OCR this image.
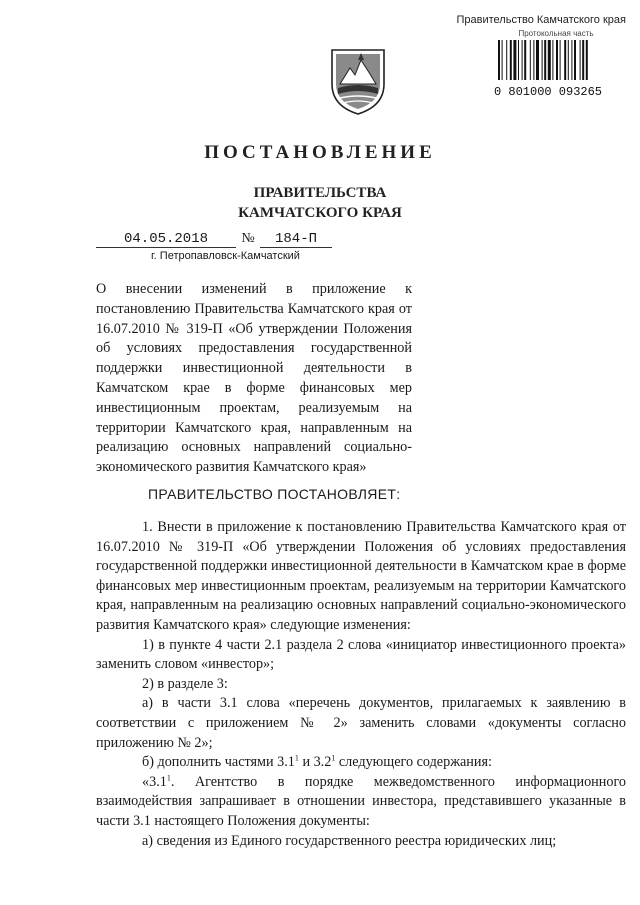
Правительство Камчатского края
Протокольная часть
0 801000 093265
ПОСТАНОВЛЕНИЕ
ПРАВИТЕЛЬСТВА
КАМЧАТСКОГО КРАЯ
04.05.2018 № 184-П
г. Петропавловск-Камчатский
О внесении изменений в приложение к постановлению Правительства Камчатского края от 16.07.2010 № 319-П «Об утверждении Положения об условиях предоставления государственной поддержки инвестиционной деятельности в Камчатском крае в форме финансовых мер инвестиционным проектам, реализуемым на территории Камчатского края, направленным на реализацию основных направлений социально-экономического развития Камчатского края»
ПРАВИТЕЛЬСТВО ПОСТАНОВЛЯЕТ:

1. Внести в приложение к постановлению Правительства Камчатского края от 16.07.2010 № 319-П «Об утверждении Положения об условиях предоставления государственной поддержки инвестиционной деятельности в Камчатском крае в форме финансовых мер инвестиционным проектам, реализуемым на территории Камчатского края, направленным на реализацию основных направлений социально-экономического развития Камчатского края» следующие изменения:

1) в пункте 4 части 2.1 раздела 2 слова «инициатор инвестиционного проекта» заменить словом «инвестор»;

2) в разделе 3:

а) в части 3.1 слова «перечень документов, прилагаемых к заявлению в соответствии с приложением № 2» заменить словами «документы согласно приложению № 2»;

б) дополнить частями $3.1^1$ и $3.2^1$ следующего содержания:

«$3.1^1$. Агентство в порядке межведомственного информационного взаимодействия запрашивает в отношении инвестора, представившего указанные в части 3.1 настоящего Положения документы:

а) сведения из Единого государственного реестра юридических лиц;
